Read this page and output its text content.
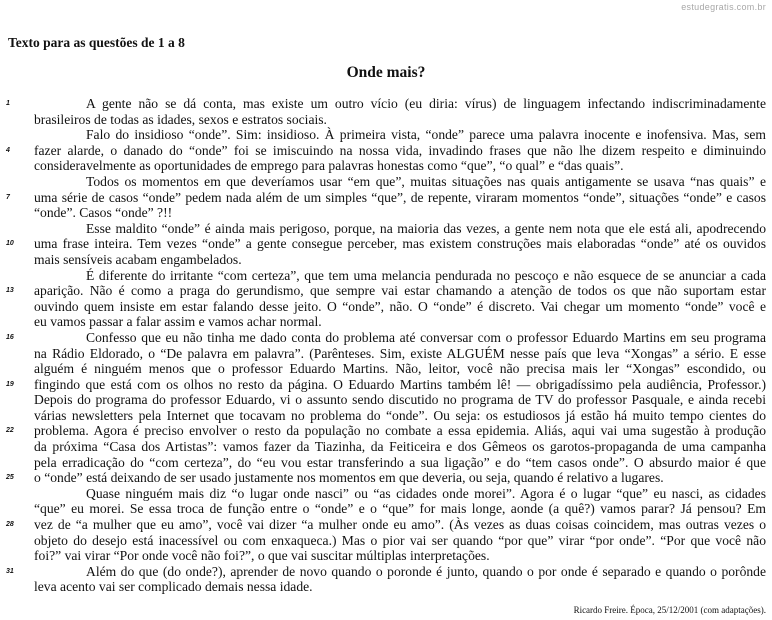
estudegratis.com.br
Texto para as questões de 1 a 8
Onde mais?
1	A gente não se dá conta, mas existe um outro vício (eu diria: vírus) de linguagem infectando indiscriminadamente
brasileiros de todas as idades, sexos e estratos sociais.
Falo do insidioso “onde”. Sim: insidioso. À primeira vista, “onde” parece uma palavra inocente e inofensiva. Mas, sem
4 fazer alarde, o danado do “onde” foi se imiscuindo na nossa vida, invadindo frases que não lhe dizem respeito e diminuindo
consideravelmente as oportunidades de emprego para palavras honestas como “que”, “o qual” e “das quais”.
Todos os momentos em que deveríamos usar “em que”, muitas situações nas quais antigamente se usava “nas quais” e
7 uma série de casos “onde” pedem nada além de um simples “que”, de repente, viraram momentos “onde”, situações “onde” e casos
“onde”. Casos “onde” ?!!
Esse maldito “onde” é ainda mais perigoso, porque, na maioria das vezes, a gente nem nota que ele está ali, apodrecendo
10 uma frase inteira. Tem vezes “onde” a gente consegue perceber, mas existem construções mais elaboradas “onde” até os ouvidos
mais sensíveis acabam engambelados.
É diferente do irritante “com certeza”, que tem uma melancia pendurada no pescoço e não esquece de se anunciar a cada
13 aparição. Não é como a praga do gerundismo, que sempre vai estar chamando a atenção de todos os que não suportam estar
ouvindo quem insiste em estar falando desse jeito. O “onde”, não. O “onde” é discreto. Vai chegar um momento “onde” você e
eu vamos passar a falar assim e vamos achar normal.
16	Confesso que eu não tinha me dado conta do problema até conversar com o professor Eduardo Martins em seu programa
na Rádio Eldorado, o “De palavra em palavra”. (Parênteses. Sim, existe ALGUÉM nesse país que leva “Xongas” a sério. E esse
alguém é ninguém menos que o professor Eduardo Martins. Não, leitor, você não precisa mais ler “Xongas” escondido, ou
19 fingindo que está com os olhos no resto da página. O Eduardo Martins também lê! — obrigadíssimo pela audiência, Professor.)
Depois do programa do professor Eduardo, vi o assunto sendo discutido no programa de TV do professor Pasquale, e ainda recebi
várias newsletters pela Internet que tocavam no problema do “onde”. Ou seja: os estudiosos já estão há muito tempo cientes do
22 problema. Agora é preciso envolver o resto da população no combate a essa epidemia. Aliás, aqui vai uma sugestão à produção
da próxima “Casa dos Artistas”: vamos fazer da Tiazinha, da Feiticeira e dos Gêmeos os garotos-propaganda de uma campanha
pela erradicação do “com certeza”, do “eu vou estar transferindo a sua ligação” e do “tem casos onde”. O absurdo maior é que
25 o “onde” está deixando de ser usado justamente nos momentos em que deveria, ou seja, quando é relativo a lugares.
Quase ninguém mais diz “o lugar onde nasci” ou “as cidades onde morei”. Agora é o lugar “que” eu nasci, as cidades
“que” eu morei. Se essa troca de função entre o “onde” e o “que” for mais longe, aonde (a quê?) vamos parar? Já pensou? Em
28 vez de “a mulher que eu amo”, você vai dizer “a mulher onde eu amo”. (Às vezes as duas coisas coincidem, mas outras vezes o
objeto do desejo está inacessível ou com enxaqueca.) Mas o pior vai ser quando “por que” virar “por onde”. “Por que você não
foi?” vai virar “Por onde você não foi?”, o que vai suscitar múltiplas interpretações.
31	Além do que (do onde?), aprender de novo quando o poronde é junto, quando o por onde é separado e quando o porônde
leva acento vai ser complicado demais nessa idade.
Ricardo Freire. Época, 25/12/2001 (com adaptações).
